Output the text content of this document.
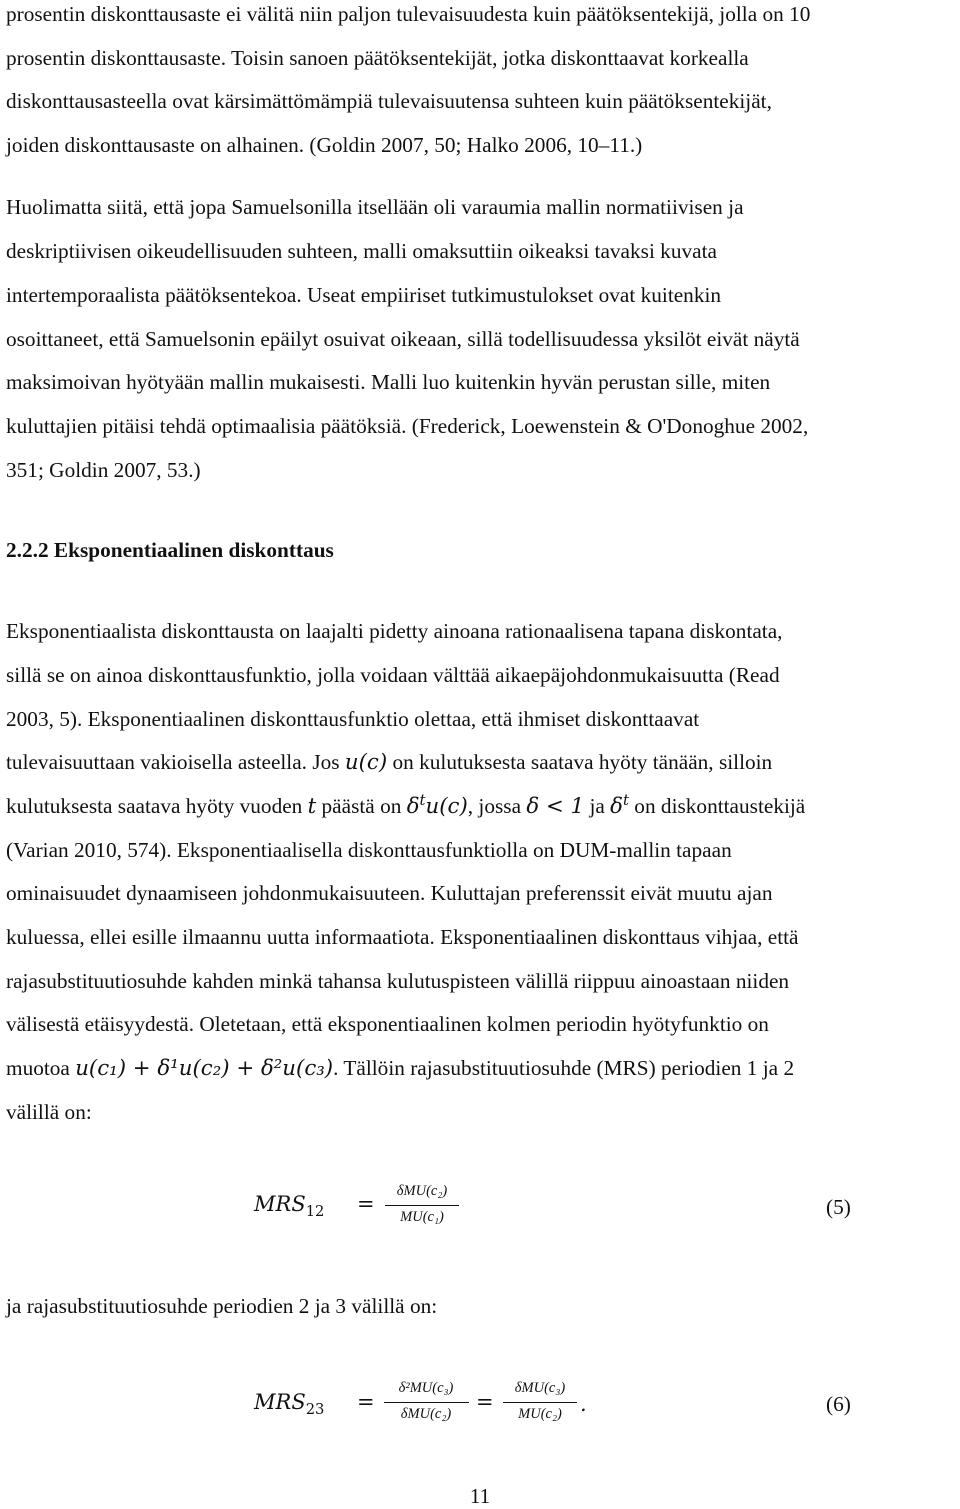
prosentin diskonttausaste ei välitä niin paljon tulevaisuudesta kuin päätöksentekijä, jolla on 10
prosentin diskonttausaste. Toisin sanoen päätöksentekijät, jotka diskonttaavat korkealla
diskonttausasteella ovat kärsimättömämpiä tulevaisuutensa suhteen kuin päätöksentekijät,
joiden diskonttausaste on alhainen. (Goldin 2007, 50; Halko 2006, 10–11.)
Huolimatta siitä, että jopa Samuelsonilla itsellään oli varaumia mallin normatiivisen ja
deskriptiivisen oikeudellisuuden suhteen, malli omaksuttiin oikeaksi tavaksi kuvata
intertemporaalista päätöksentekoa. Useat empiiriset tutkimustulokset ovat kuitenkin
osoittaneet, että Samuelsonin epäilyt osuivat oikeaan, sillä todellisuudessa yksilöt eivät näytä
maksimoivan hyötyään mallin mukaisesti. Malli luo kuitenkin hyvän perustan sille, miten
kuluttajien pitäisi tehdä optimaalisia päätöksiä. (Frederick, Loewenstein & O'Donoghue 2002,
351; Goldin 2007, 53.)
2.2.2 Eksponentiaalinen diskonttaus
Eksponentiaalista diskonttausta on laajalti pidetty ainoana rationaalisena tapana diskontata,
sillä se on ainoa diskonttausfunktio, jolla voidaan välttää aikaepäjohdonmukaisuutta (Read
2003, 5). Eksponentiaalinen diskonttausfunktio olettaa, että ihmiset diskonttaavat
tulevaisuuttaan vakioisella asteella. Jos u(c) on kulutuksesta saatava hyöty tänään, silloin
kulutuksesta saatava hyöty vuoden t päästä on $\delta^tu(c)$, jossa δ < 1 ja $\delta^t$ on diskonttaustekijä
(Varian 2010, 574). Eksponentiaalisella diskonttausfunktiolla on DUM-mallin tapaan
ominaisuudet dynaamiseen johdonmukaisuuteen. Kuluttajan preferenssit eivät muutu ajan
kuluessa, ellei esille ilmaannu uutta informaatiota. Eksponentiaalinen diskonttaus vihjaa, että
rajasubstituutiosuhde kahden minkä tahansa kulutuspisteen välillä riippuu ainoastaan niiden
välisestä etäisyydestä. Oletetaan, että eksponentiaalinen kolmen periodin hyötyfunktio on
muotoa u(c₁) + δ¹u(c₂) + δ²u(c₃). Tällöin rajasubstituutiosuhde (MRS) periodien 1 ja 2
välillä on:
$MRS_{12}$ =
δMU(c₂)
MU(c₁)	(5)
ja rajasubstituutiosuhde periodien 2 ja 3 välillä on:
$MRS_{23}$ =
δ²MU(c₃)
δMU(c₂)	=
δMU(c₃)
MU(c₂) .	(6)
11
